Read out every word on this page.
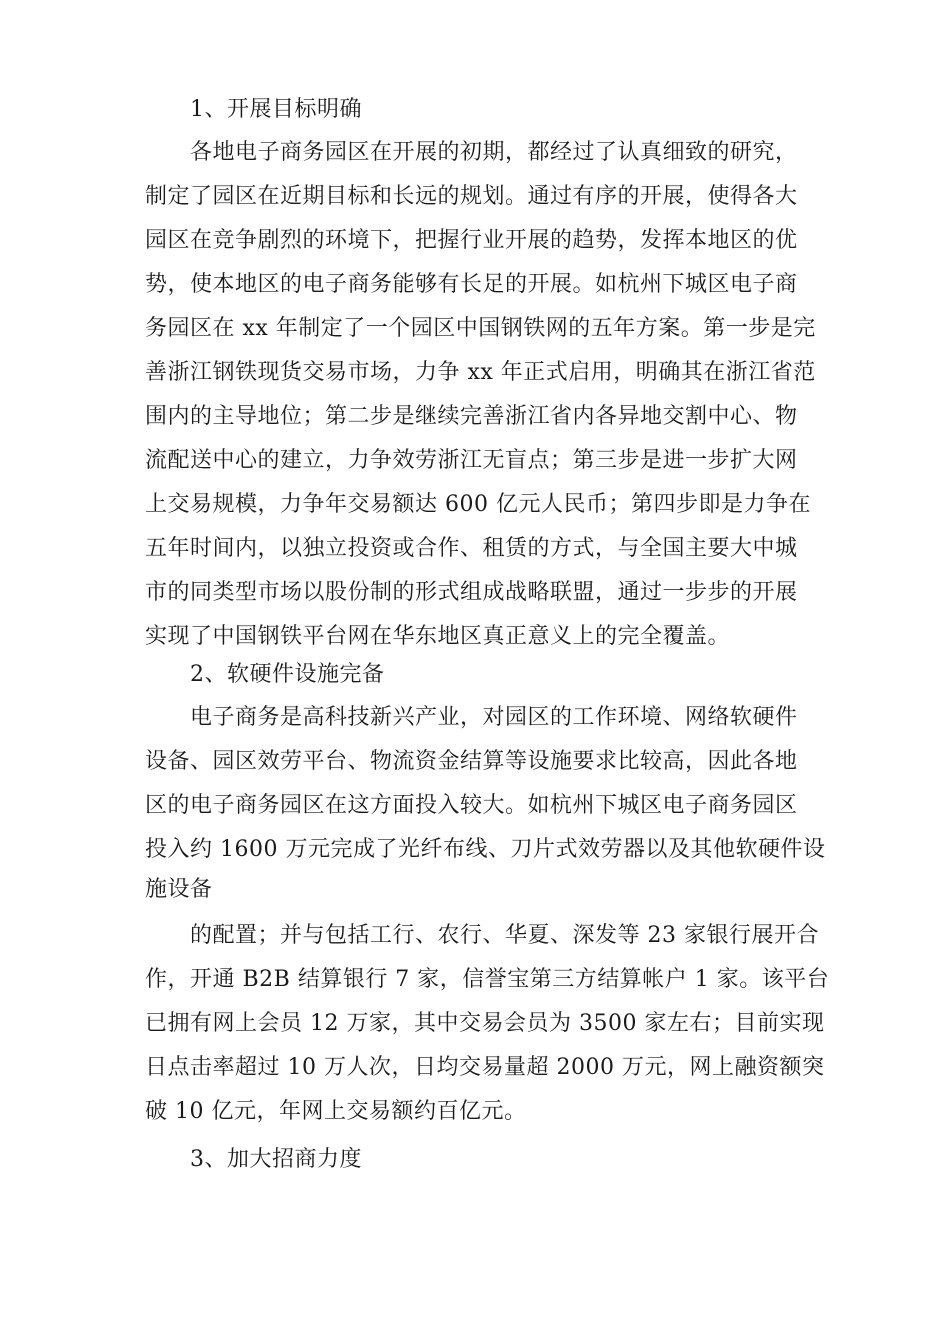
1、开展目标明确
各地电子商务园区在开展的初期，都经过了认真细致的研究，
制定了园区在近期目标和长远的规划。通过有序的开展，使得各大
园区在竞争剧烈的环境下，把握行业开展的趋势，发挥本地区的优
势，使本地区的电子商务能够有长足的开展。如杭州下城区电子商
务园区在 xx 年制定了一个园区中国钢铁网的五年方案。第一步是完
善浙江钢铁现货交易市场，力争 xx 年正式启用，明确其在浙江省范
围内的主导地位；第二步是继续完善浙江省内各异地交割中心、物
流配送中心的建立，力争效劳浙江无盲点；第三步是进一步扩大网
上交易规模，力争年交易额达 600 亿元人民币；第四步即是力争在
五年时间内，以独立投资或合作、租赁的方式，与全国主要大中城
市的同类型市场以股份制的形式组成战略联盟，通过一步步的开展
实现了中国钢铁平台网在华东地区真正意义上的完全覆盖。
2、软硬件设施完备
电子商务是高科技新兴产业，对园区的工作环境、网络软硬件
设备、园区效劳平台、物流资金结算等设施要求比较高，因此各地
区的电子商务园区在这方面投入较大。如杭州下城区电子商务园区
投入约 1600 万元完成了光纤布线、刀片式效劳器以及其他软硬件设
施设备
的配置；并与包括工行、农行、华夏、深发等 23 家银行展开合
作，开通 B2B 结算银行 7 家，信誉宝第三方结算帐户 1 家。该平台
已拥有网上会员 12 万家，其中交易会员为 3500 家左右；目前实现
日点击率超过 10 万人次，日均交易量超 2000 万元，网上融资额突
破 10 亿元，年网上交易额约百亿元。
3、加大招商力度
